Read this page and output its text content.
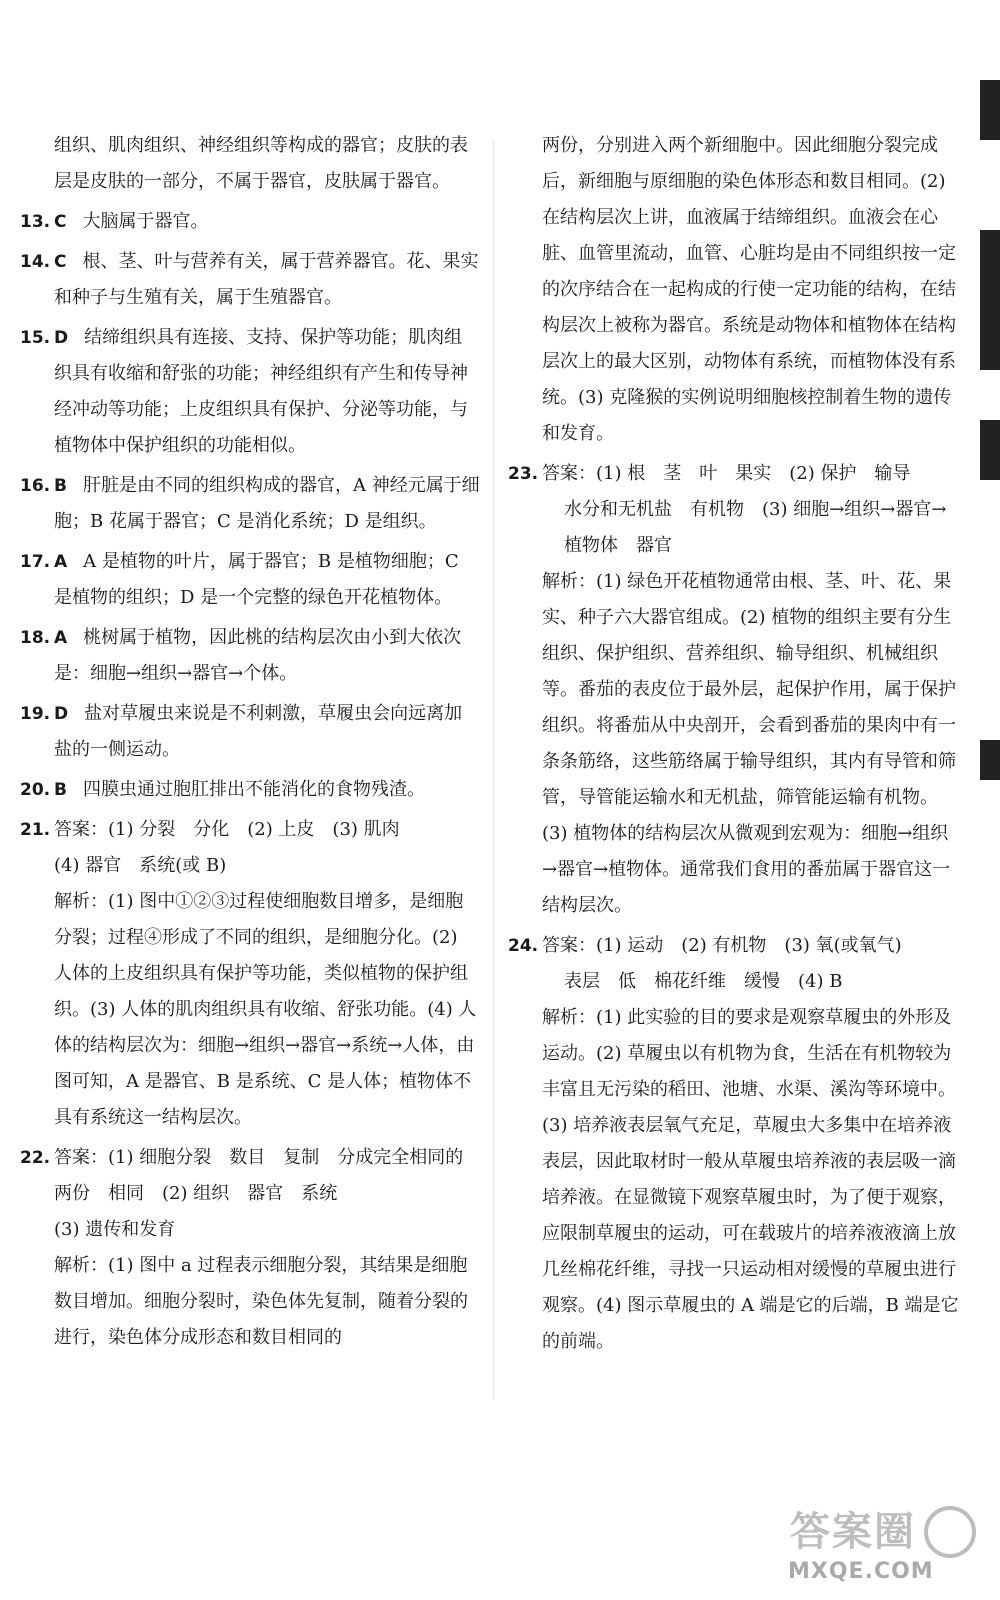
组织、肌肉组织、神经组织等构成的器官；皮肤的表层是皮肤的一部分，不属于器官，皮肤属于器官。
13. C 大脑属于器官。
14. C 根、茎、叶与营养有关，属于营养器官。花、果实和种子与生殖有关，属于生殖器官。
15. D 结缔组织具有连接、支持、保护等功能；肌肉组织具有收缩和舒张的功能；神经组织有产生和传导神经冲动等功能；上皮组织具有保护、分泌等功能，与植物体中保护组织的功能相似。
16. B 肝脏是由不同的组织构成的器官，A 神经元属于细胞；B 花属于器官；C 是消化系统；D 是组织。
17. A A 是植物的叶片，属于器官；B 是植物细胞；C 是植物的组织；D 是一个完整的绿色开花植物体。
18. A 桃树属于植物，因此桃的结构层次由小到大依次是：细胞→组织→器官→个体。
19. D 盐对草履虫来说是不利刺激，草履虫会向远离加盐的一侧运动。
20. B 四膜虫通过胞肛排出不能消化的食物残渣。
21. 答案：(1) 分裂　分化　(2) 上皮　(3) 肌肉
(4) 器官　系统(或 B)
解析：(1) 图中①②③过程使细胞数目增多，是细胞分裂；过程④形成了不同的组织，是细胞分化。(2) 人体的上皮组织具有保护等功能，类似植物的保护组织。(3) 人体的肌肉组织具有收缩、舒张功能。(4) 人体的结构层次为：细胞→组织→器官→系统→人体，由图可知，A 是器官、B 是系统、C 是人体；植物体不具有系统这一结构层次。
22. 答案：(1) 细胞分裂　数目　复制　分成完全相同的两份　相同　(2) 组织　器官　系统
(3) 遗传和发育
解析：(1) 图中 a 过程表示细胞分裂，其结果是细胞数目增加。细胞分裂时，染色体先复制，随着分裂的进行，染色体分成形态和数目相同的
两份，分别进入两个新细胞中。因此细胞分裂完成后，新细胞与原细胞的染色体形态和数目相同。(2) 在结构层次上讲，血液属于结缔组织。血液会在心脏、血管里流动，血管、心脏均是由不同组织按一定的次序结合在一起构成的行使一定功能的结构，在结构层次上被称为器官。系统是动物体和植物体在结构层次上的最大区别，动物体有系统，而植物体没有系统。(3) 克隆猴的实例说明细胞核控制着生物的遗传和发育。
23. 答案：(1) 根　茎　叶　果实　(2) 保护　输导
水分和无机盐　有机物　(3) 细胞→组织→器官→植物体　器官
解析：(1) 绿色开花植物通常由根、茎、叶、花、果实、种子六大器官组成。(2) 植物的组织主要有分生组织、保护组织、营养组织、输导组织、机械组织等。番茄的表皮位于最外层，起保护作用，属于保护组织。将番茄从中央剖开，会看到番茄的果肉中有一条条筋络，这些筋络属于输导组织，其内有导管和筛管，导管能运输水和无机盐，筛管能运输有机物。(3) 植物体的结构层次从微观到宏观为：细胞→组织→器官→植物体。通常我们食用的番茄属于器官这一结构层次。
24. 答案：(1) 运动　(2) 有机物　(3) 氧(或氧气)
表层　低　棉花纤维　缓慢　(4) B
解析：(1) 此实验的目的要求是观察草履虫的外形及运动。(2) 草履虫以有机物为食，生活在有机物较为丰富且无污染的稻田、池塘、水渠、溪沟等环境中。(3) 培养液表层氧气充足，草履虫大多集中在培养液表层，因此取材时一般从草履虫培养液的表层吸一滴培养液。在显微镜下观察草履虫时，为了便于观察，应限制草履虫的运动，可在载玻片的培养液液滴上放几丝棉花纤维，寻找一只运动相对缓慢的草履虫进行观察。(4) 图示草履虫的 A 端是它的后端，B 端是它的前端。
答案圈
MXQE.COM
